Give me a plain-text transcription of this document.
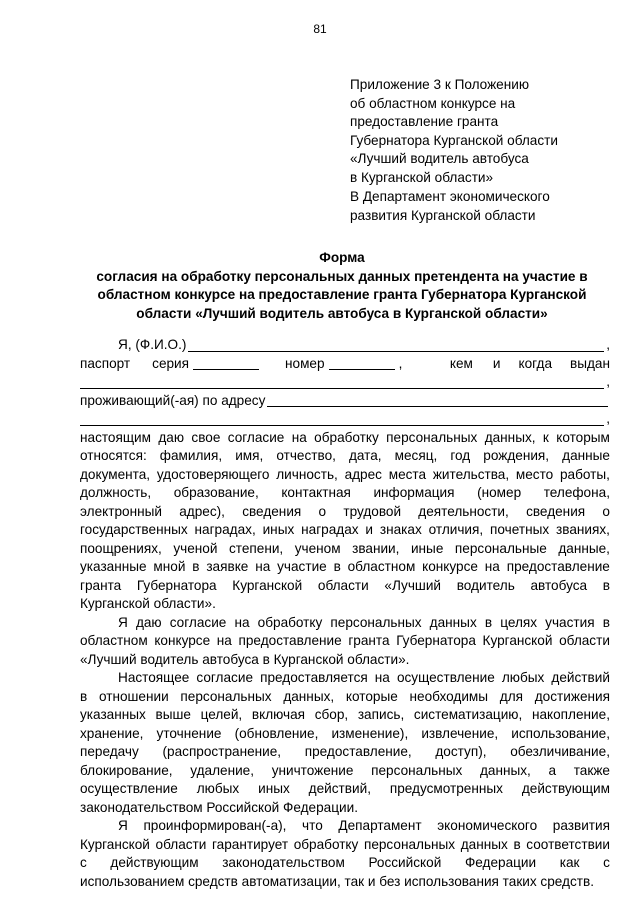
81
Приложение 3 к Положению
об областном конкурсе на
предоставление гранта
Губернатора Курганской области
«Лучший водитель автобуса
в Курганской области»
В Департамент экономического
развития Курганской области
Форма
согласия на обработку персональных данных претендента на участие в
областном конкурсе на предоставление гранта Губернатора Курганской
области «Лучший водитель автобуса в Курганской области»
Я, (Ф.И.О.)	,
паспорт серия	номер	,	кем и когда выдан
,
проживающий(-ая) по адресу
,
настоящим даю свое согласие на обработку персональных данных, к которым
относятся: фамилия, имя, отчество, дата, месяц, год рождения, данные
документа, удостоверяющего личность, адрес места жительства, место работы,
должность, образование, контактная информация (номер телефона,
электронный адрес), сведения о трудовой деятельности, сведения о
государственных наградах, иных наградах и знаках отличия, почетных званиях,
поощрениях, ученой степени, ученом звании, иные персональные данные,
указанные мной в заявке на участие в областном конкурсе на предоставление
гранта Губернатора Курганской области «Лучший водитель автобуса в
Курганской области».
Я даю согласие на обработку персональных данных в целях участия в
областном конкурсе на предоставление гранта Губернатора Курганской области
«Лучший водитель автобуса в Курганской области».
Настоящее согласие предоставляется на осуществление любых действий
в отношении персональных данных, которые необходимы для достижения
указанных выше целей, включая сбор, запись, систематизацию, накопление,
хранение, уточнение (обновление, изменение), извлечение, использование,
передачу (распространение, предоставление, доступ), обезличивание,
блокирование, удаление, уничтожение персональных данных, а также
осуществление любых иных действий, предусмотренных действующим
законодательством Российской Федерации.
Я проинформирован(-а), что Департамент экономического развития
Курганской области гарантирует обработку персональных данных в соответствии
с действующим законодательством Российской Федерации как с
использованием средств автоматизации, так и без использования таких средств.
